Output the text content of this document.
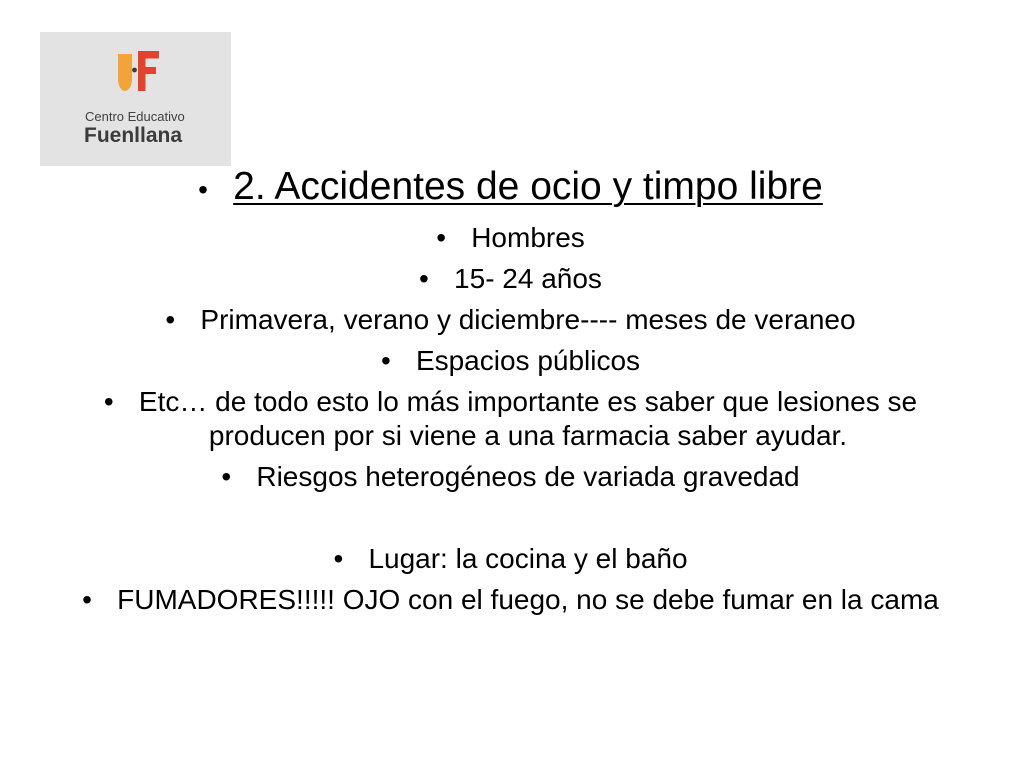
Centro Educativo
Fuenllana
2. Accidentes de ocio y timpo libre
Hombres
15- 24 años
Primavera, verano y diciembre---- meses de veraneo
Espacios públicos
Etc… de todo esto lo más importante es saber que lesiones se producen por si viene a una farmacia saber ayudar.
Riesgos heterogéneos de variada gravedad
Lugar: la cocina y el baño
FUMADORES!!!!! OJO con el fuego, no se debe fumar en la cama
